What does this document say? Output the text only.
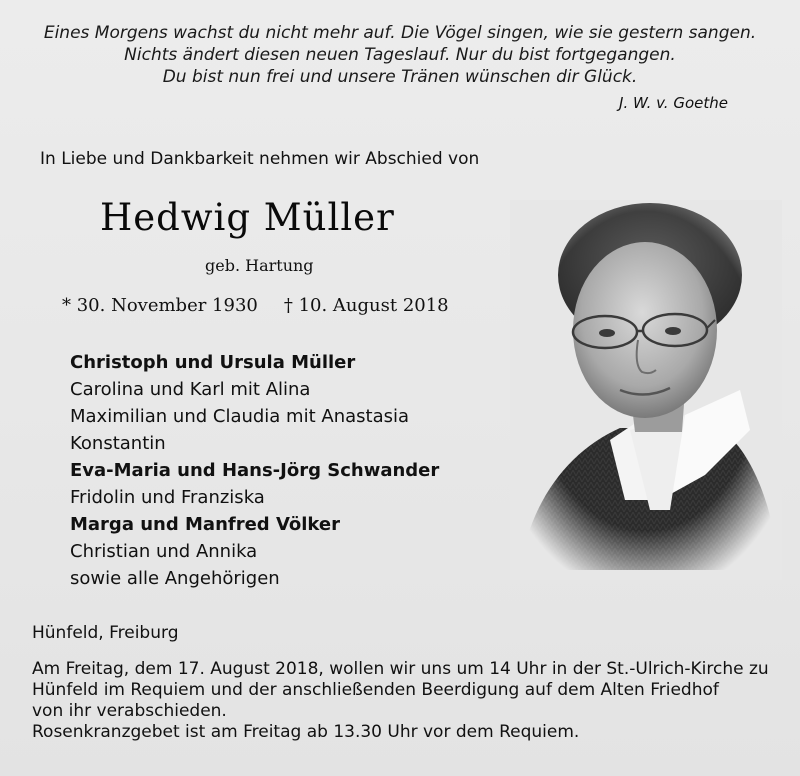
Eines Morgens wachst du nicht mehr auf. Die Vögel singen, wie sie gestern sangen.
Nichts ändert diesen neuen Tageslauf. Nur du bist fortgegangen.
Du bist nun frei und unsere Tränen wünschen dir Glück.
J. W. v. Goethe
In Liebe und Dankbarkeit nehmen wir Abschied von
Hedwig Müller
geb. Hartung
* 30. November 1930 † 10. August 2018
Christoph und Ursula Müller
Carolina und Karl mit Alina
Maximilian und Claudia mit Anastasia
Konstantin
Eva-Maria und Hans-Jörg Schwander
Fridolin und Franziska
Marga und Manfred Völker
Christian und Annika
sowie alle Angehörigen
Hünfeld, Freiburg
Am Freitag, dem 17. August 2018, wollen wir uns um 14 Uhr in der St.-Ulrich-Kirche zu
Hünfeld im Requiem und der anschließenden Beerdigung auf dem Alten Friedhof
von ihr verabschieden.
Rosenkranzgebet ist am Freitag ab 13.30 Uhr vor dem Requiem.
